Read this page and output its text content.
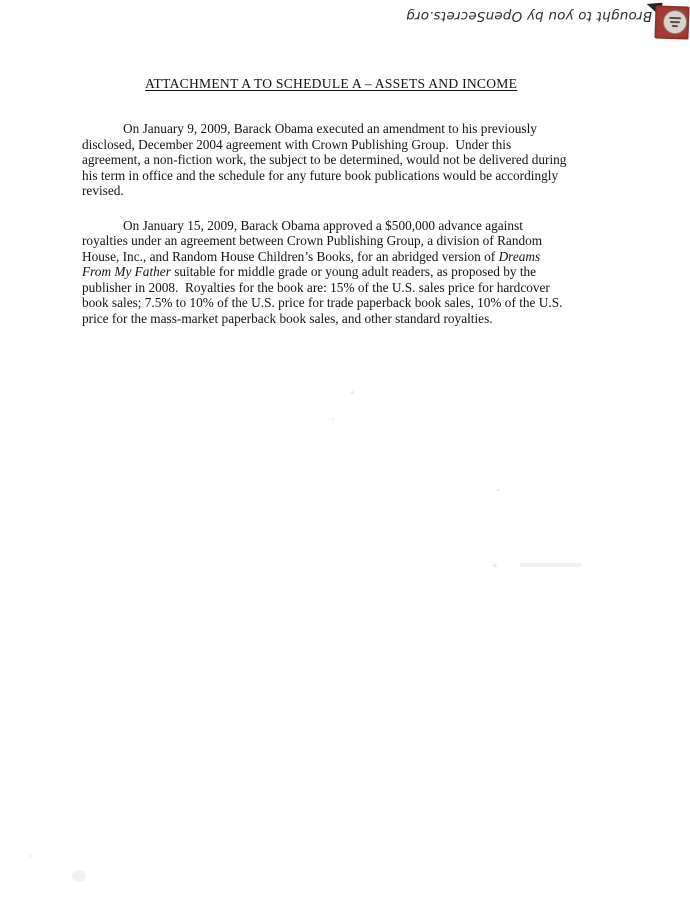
Brought to you by OpenSecrets.org
ATTACHMENT A TO SCHEDULE A – ASSETS AND INCOME
On January 9, 2009, Barack Obama executed an amendment to his previously
disclosed, December 2004 agreement with Crown Publishing Group.  Under this
agreement, a non-fiction work, the subject to be determined, would not be delivered during
his term in office and the schedule for any future book publications would be accordingly
revised.
On January 15, 2009, Barack Obama approved a $500,000 advance against
royalties under an agreement between Crown Publishing Group, a division of Random
House, Inc., and Random House Children’s Books, for an abridged version of Dreams
From My Father suitable for middle grade or young adult readers, as proposed by the
publisher in 2008.  Royalties for the book are: 15% of the U.S. sales price for hardcover
book sales; 7.5% to 10% of the U.S. price for trade paperback book sales, 10% of the U.S.
price for the mass-market paperback book sales, and other standard royalties.
